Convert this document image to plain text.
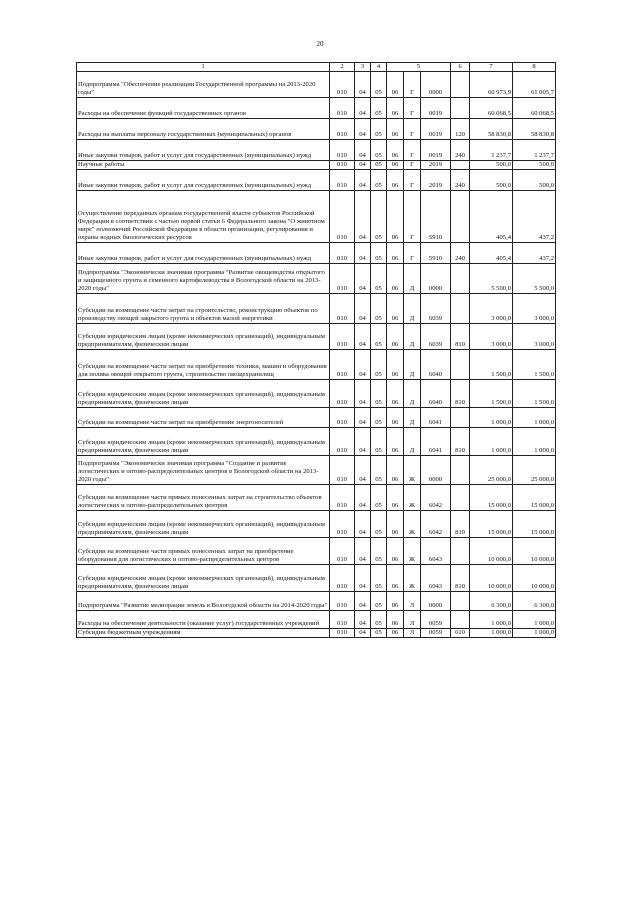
20
1	2	3	4	5			6	7	8
Подпрограмма "Обеспечение реализации Государственной программы на 2013-2020 годы"	010	04	05	06	Г	0000		60 973,9	61 005,7
Расходы на обеспечение функций государственных органов	010	04	05	06	Г	0019		60 068,5	60 068,5
Расходы на выплаты персоналу государственных (муниципальных) органов	010	04	05	06	Г	0019	120	58 830,8	58 830,8
Иные закупки товаров, работ и услуг для государственных (муниципальных) нужд	010	04	05	06	Г	0019	240	1 237,7	1 237,7
Научные работы	010	04	05	06	Г	2019		500,0	500,0
Иные закупки товаров, работ и услуг для государственных (муниципальных) нужд	010	04	05	06	Г	2019	240	500,0	500,0
Осуществление переданных органам государственной власти субъектов Российской Федерации в соответствии с частью первой статьи 6 Федерального закона "О животном мире" полномочий Российской Федерации в области организации, регулирования и охраны водных биологических ресурсов	010	04	05	06	Г	5910		405,4	437,2
Иные закупки товаров, работ и услуг для государственных (муниципальных) нужд	010	04	05	06	Г	5910	240	405,4	437,2
Подпрограмма "Экономически значимая программа "Развитие овощеводства открытого и защищенного грунта и семенного картофелеводства в Вологодской области на 2013-2020 годы"	010	04	05	06	Д	0000		5 500,0	5 500,0
Субсидии на возмещение части затрат на строительство, реконструкцию объектов по производству овощей закрытого грунта и объектов малой энергетики	010	04	05	06	Д	6039		3 000,0	3 000,0
Субсидии юридическим лицам (кроме некоммерческих организаций), индивидуальным предпринимателям, физическим лицам	010	04	05	06	Д	6039	810	3 000,0	3 000,0
Субсидии на возмещение части затрат на приобретение техники, машин и оборудования для полива овощей открытого грунта, строительство овощехранилищ	010	04	05	06	Д	6040		1 500,0	1 500,0
Субсидии юридическим лицам (кроме некоммерческих организаций), индивидуальным предпринимателям, физическим лицам	010	04	05	06	Д	6040	810	1 500,0	1 500,0
Субсидии на возмещение части затрат на приобретение энергоносителей	010	04	05	06	Д	6041		1 000,0	1 000,0
Субсидии юридическим лицам (кроме некоммерческих организаций), индивидуальным предпринимателям, физическим лицам	010	04	05	06	Д	6041	810	1 000,0	1 000,0
Подпрограмма "Экономически значимая программа "Создание и развитие логистических и оптово-распределительных центров в Вологодской области на 2013-2020 годы"	010	04	05	06	Ж	0000		25 000,0	25 000,0
Субсидии на возмещение части прямых понесенных затрат на строительство объектов логистических и оптово-распределительных центров	010	04	05	06	Ж	6042		15 000,0	15 000,0
Субсидии юридическим лицам (кроме некоммерческих организаций), индивидуальным предпринимателям, физическим лицам	010	04	05	06	Ж	6042	810	15 000,0	15 000,0
Субсидии на возмещение части прямых понесенных затрат на приобретение оборудования для логистических и оптово-распределительных центров	010	04	05	06	Ж	6043		10 000,0	10 000,0
Субсидии юридическим лицам (кроме некоммерческих организаций), индивидуальным предпринимателям, физическим лицам	010	04	05	06	Ж	6043	810	10 000,0	10 000,0
Подпрограмма "Развитие мелиорации земель в Вологодской области на 2014-2020 годы"	010	04	05	06	Л	0000		6 300,0	6 300,0
Расходы на обеспечение деятельности (оказание услуг) государственных учреждений	010	04	05	06	Л	0059		1 000,0	1 000,0
Субсидии бюджетным учреждениям	010	04	05	06	Л	0059	610	1 000,0	1 000,0
